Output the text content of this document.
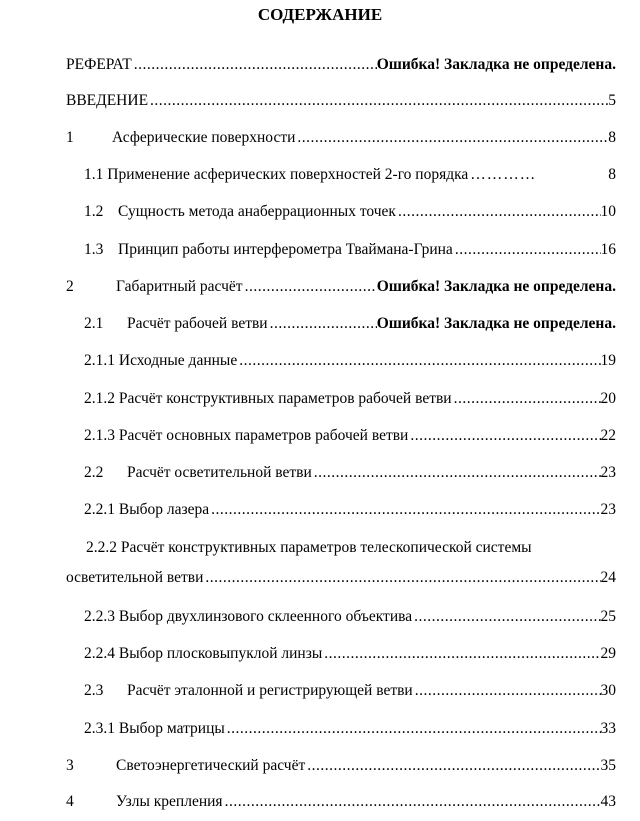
СОДЕРЖАНИЕ
РЕФЕРАТ .....	Ошибка! Закладка не определена.
ВВЕДЕНИЕ .....	5
1	Асферические поверхности .....	8
1.1 Применение асферических поверхностей 2-го порядка …………	8
1.2 Сущность метода анаберрационных точек .....	10
1.3 Принцип работы интерферометра Тваймана-Грина .....	16
2	Габаритный расчёт .....	Ошибка! Закладка не определена.
2.1	Расчёт рабочей ветви .....	Ошибка! Закладка не определена.
2.1.1 Исходные данные .....	19
2.1.2 Расчёт конструктивных параметров рабочей ветви .....	20
2.1.3 Расчёт основных параметров рабочей ветви .....	22
2.2	Расчёт осветительной ветви .....	23
2.2.1 Выбор лазера .....	23
2.2.2 Расчёт конструктивных параметров телескопической системы
осветительной ветви .....	24
2.2.3 Выбор двухлинзового склеенного объектива .....	25
2.2.4 Выбор плосковыпуклой линзы .....	29
2.3	Расчёт эталонной и регистрирующей ветви .....	30
2.3.1 Выбор матрицы .....	33
3	Светоэнергетический расчёт .....	35
4	Узлы крепления .....	43
